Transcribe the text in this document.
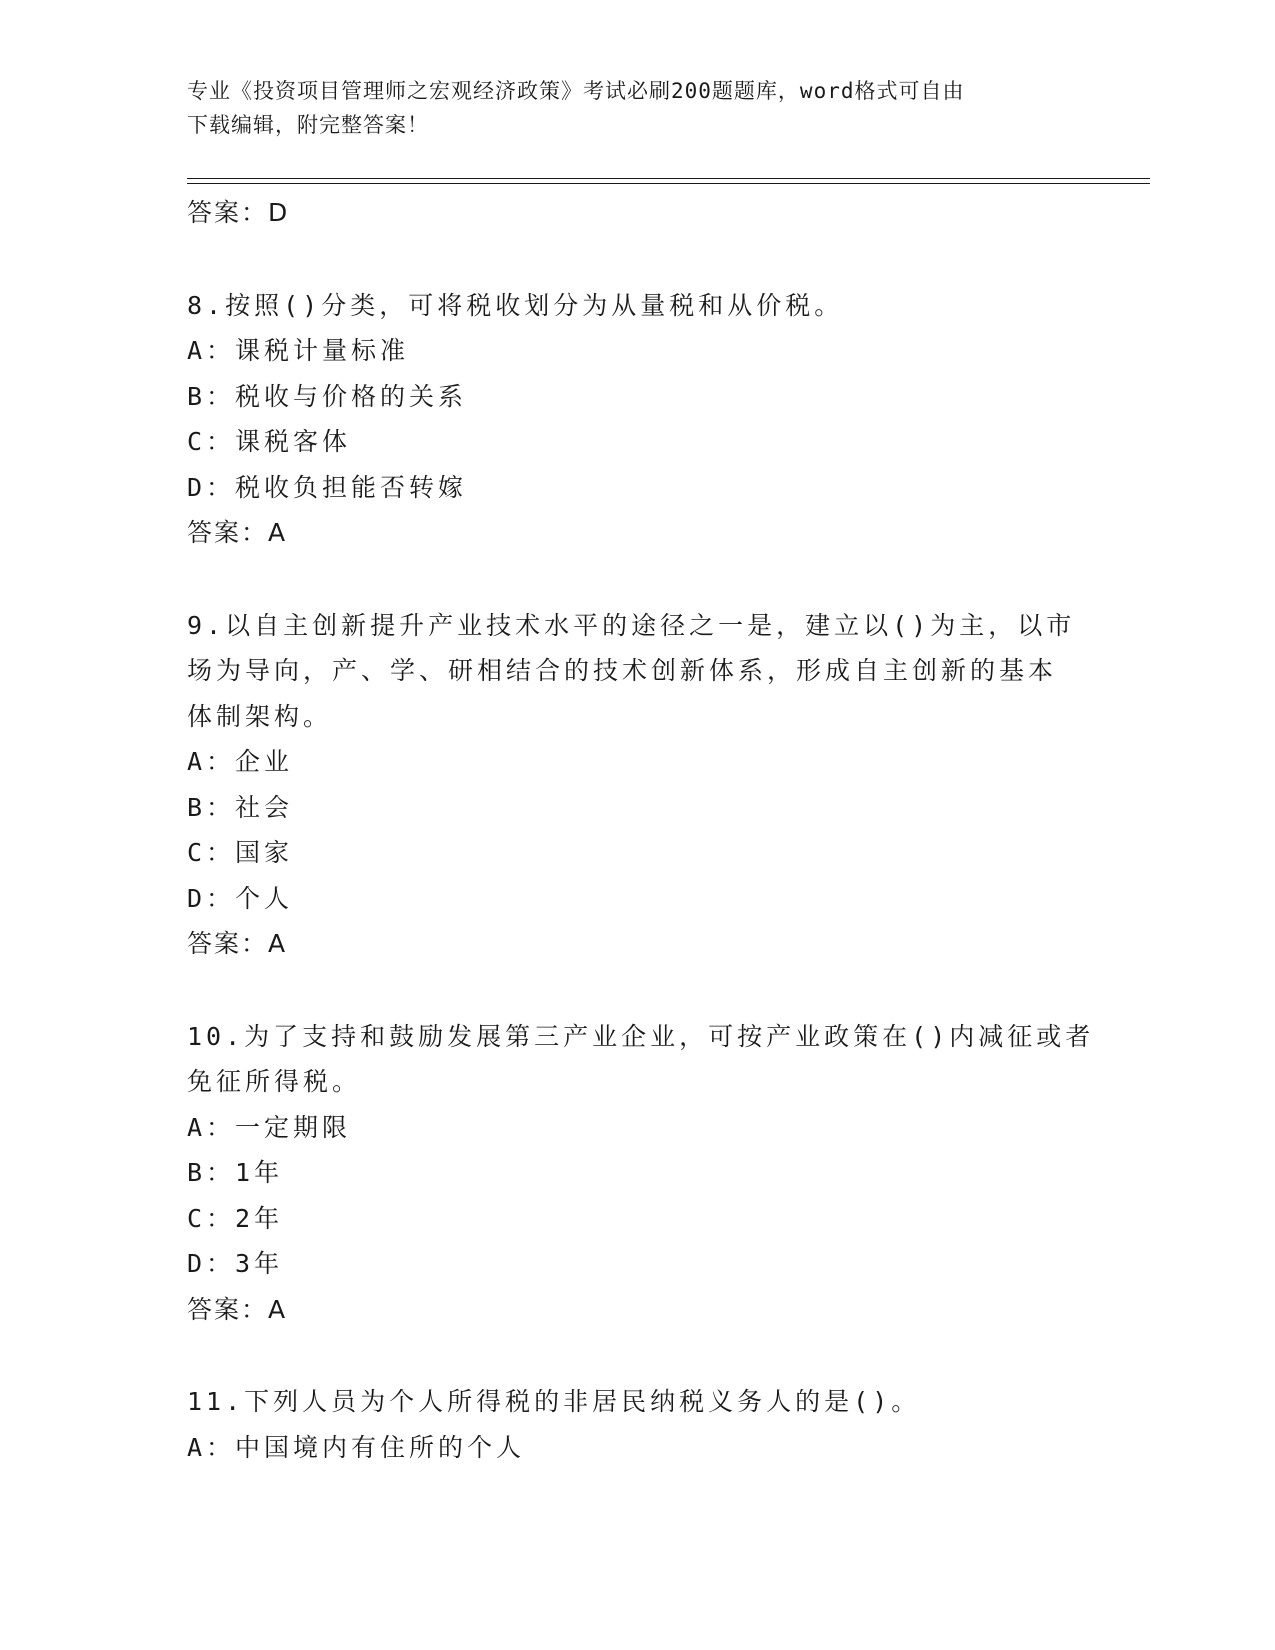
专业《投资项目管理师之宏观经济政策》考试必刷200题题库，word格式可自由
下载编辑，附完整答案！
答案：D
8.按照()分类，可将税收划分为从量税和从价税。
A：课税计量标准
B：税收与价格的关系
C：课税客体
D：税收负担能否转嫁
答案：A
9.以自主创新提升产业技术水平的途径之一是，建立以()为主，以市
场为导向，产、学、研相结合的技术创新体系，形成自主创新的基本
体制架构。
A：企业
B：社会
C：国家
D：个人
答案：A
10.为了支持和鼓励发展第三产业企业，可按产业政策在()内减征或者
免征所得税。
A：一定期限
B：1年
C：2年
D：3年
答案：A
11.下列人员为个人所得税的非居民纳税义务人的是()。
A：中国境内有住所的个人
